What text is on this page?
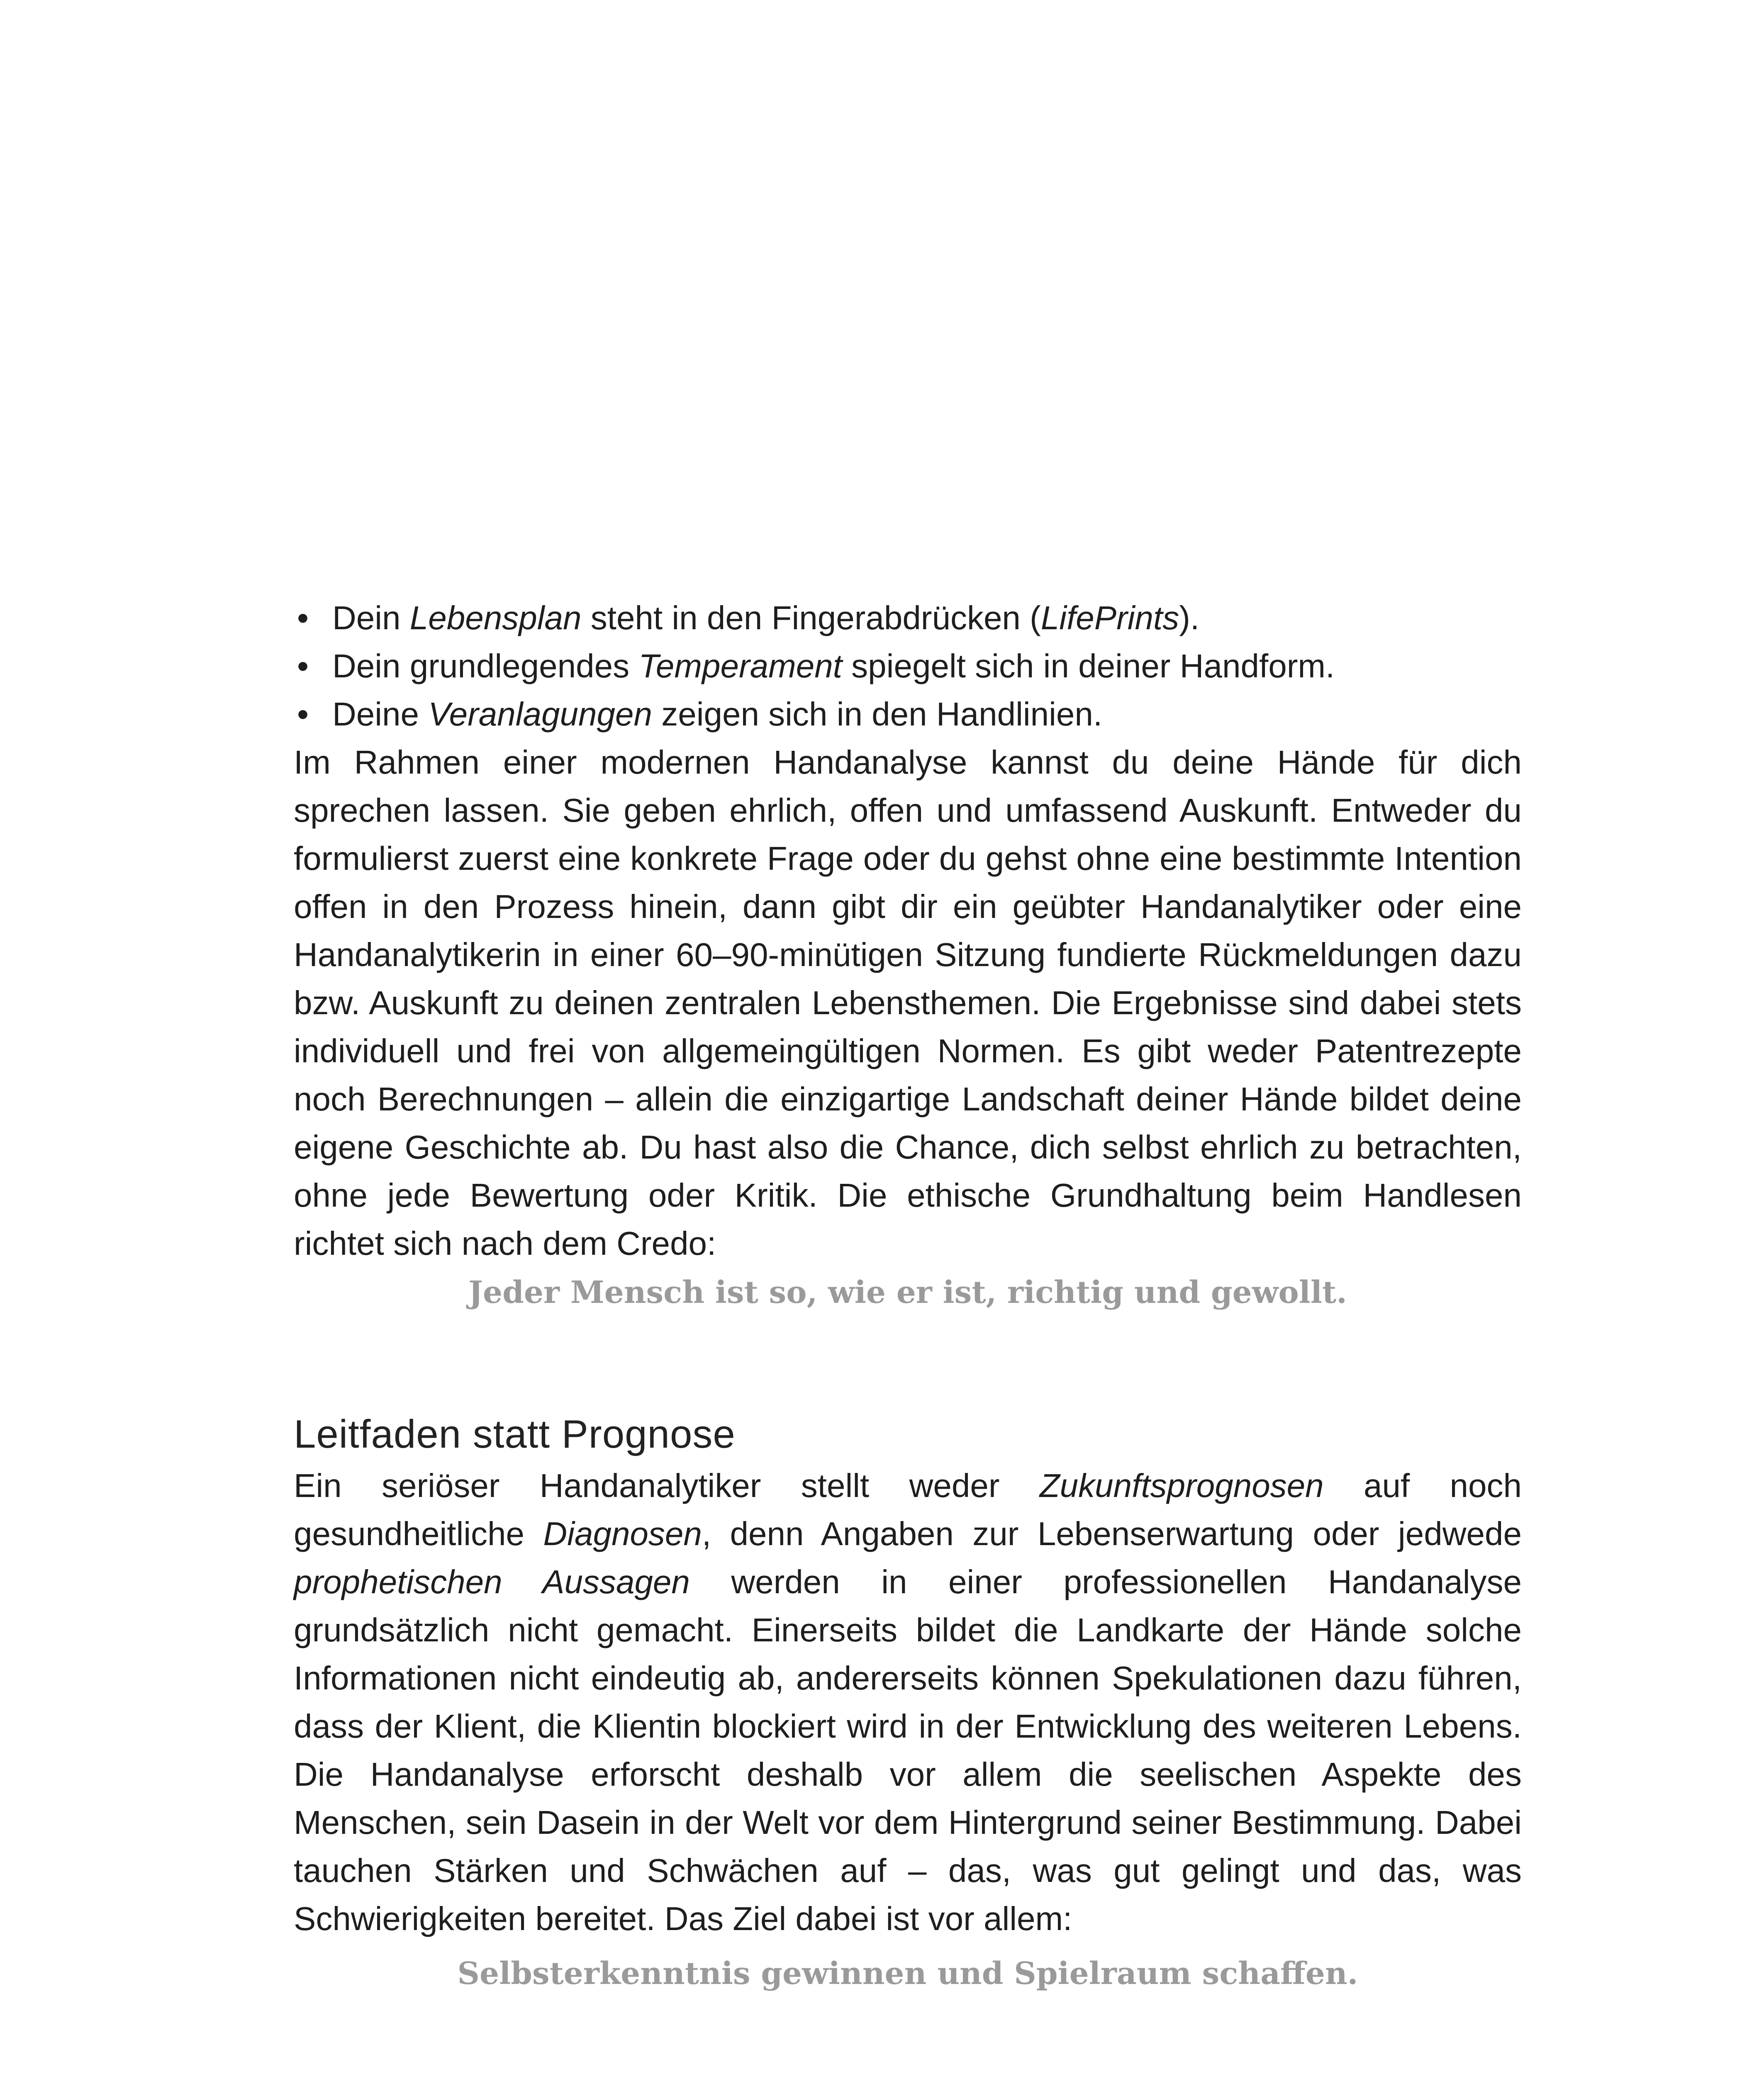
• Dein Lebensplan steht in den Fingerabdrücken (LifePrints).
• Dein grundlegendes Temperament spiegelt sich in deiner Handform.
• Deine Veranlagungen zeigen sich in den Handlinien.

Im Rahmen einer modernen Handanalyse kannst du deine Hände für dich sprechen lassen. Sie geben ehrlich, offen und umfassend Auskunft. Entweder du formulierst zuerst eine konkrete Frage oder du gehst ohne eine bestimmte Intention offen in den Prozess hinein, dann gibt dir ein geübter Handanalytiker oder eine Handanalytikerin in einer 60–90-minütigen Sitzung fundierte Rückmeldungen dazu bzw. Auskunft zu deinen zentralen Lebensthemen. Die Ergebnisse sind dabei stets individuell und frei von allgemeingültigen Normen. Es gibt weder Patentrezepte noch Berechnungen – allein die einzigartige Landschaft deiner Hände bildet deine eigene Geschichte ab. Du hast also die Chance, dich selbst ehrlich zu betrachten, ohne jede Bewertung oder Kritik. Die ethische Grundhaltung beim Handlesen richtet sich nach dem Credo:

Jeder Mensch ist so, wie er ist, richtig und gewollt.
Leitfaden statt Prognose

Ein seriöser Handanalytiker stellt weder Zukunftsprognosen auf noch gesundheitliche Diagnosen, denn Angaben zur Lebenserwartung oder jedwede prophetischen Aussagen werden in einer professionellen Handanalyse grundsätzlich nicht gemacht. Einerseits bildet die Landkarte der Hände solche Informationen nicht eindeutig ab, andererseits können Spekulationen dazu führen, dass der Klient, die Klientin blockiert wird in der Entwicklung des weiteren Lebens. Die Handanalyse erforscht deshalb vor allem die seelischen Aspekte des Menschen, sein Dasein in der Welt vor dem Hintergrund seiner Bestimmung. Dabei tauchen Stärken und Schwächen auf – das, was gut gelingt und das, was Schwierigkeiten bereitet. Das Ziel dabei ist vor allem:

Selbsterkenntnis gewinnen und Spielraum schaffen.
